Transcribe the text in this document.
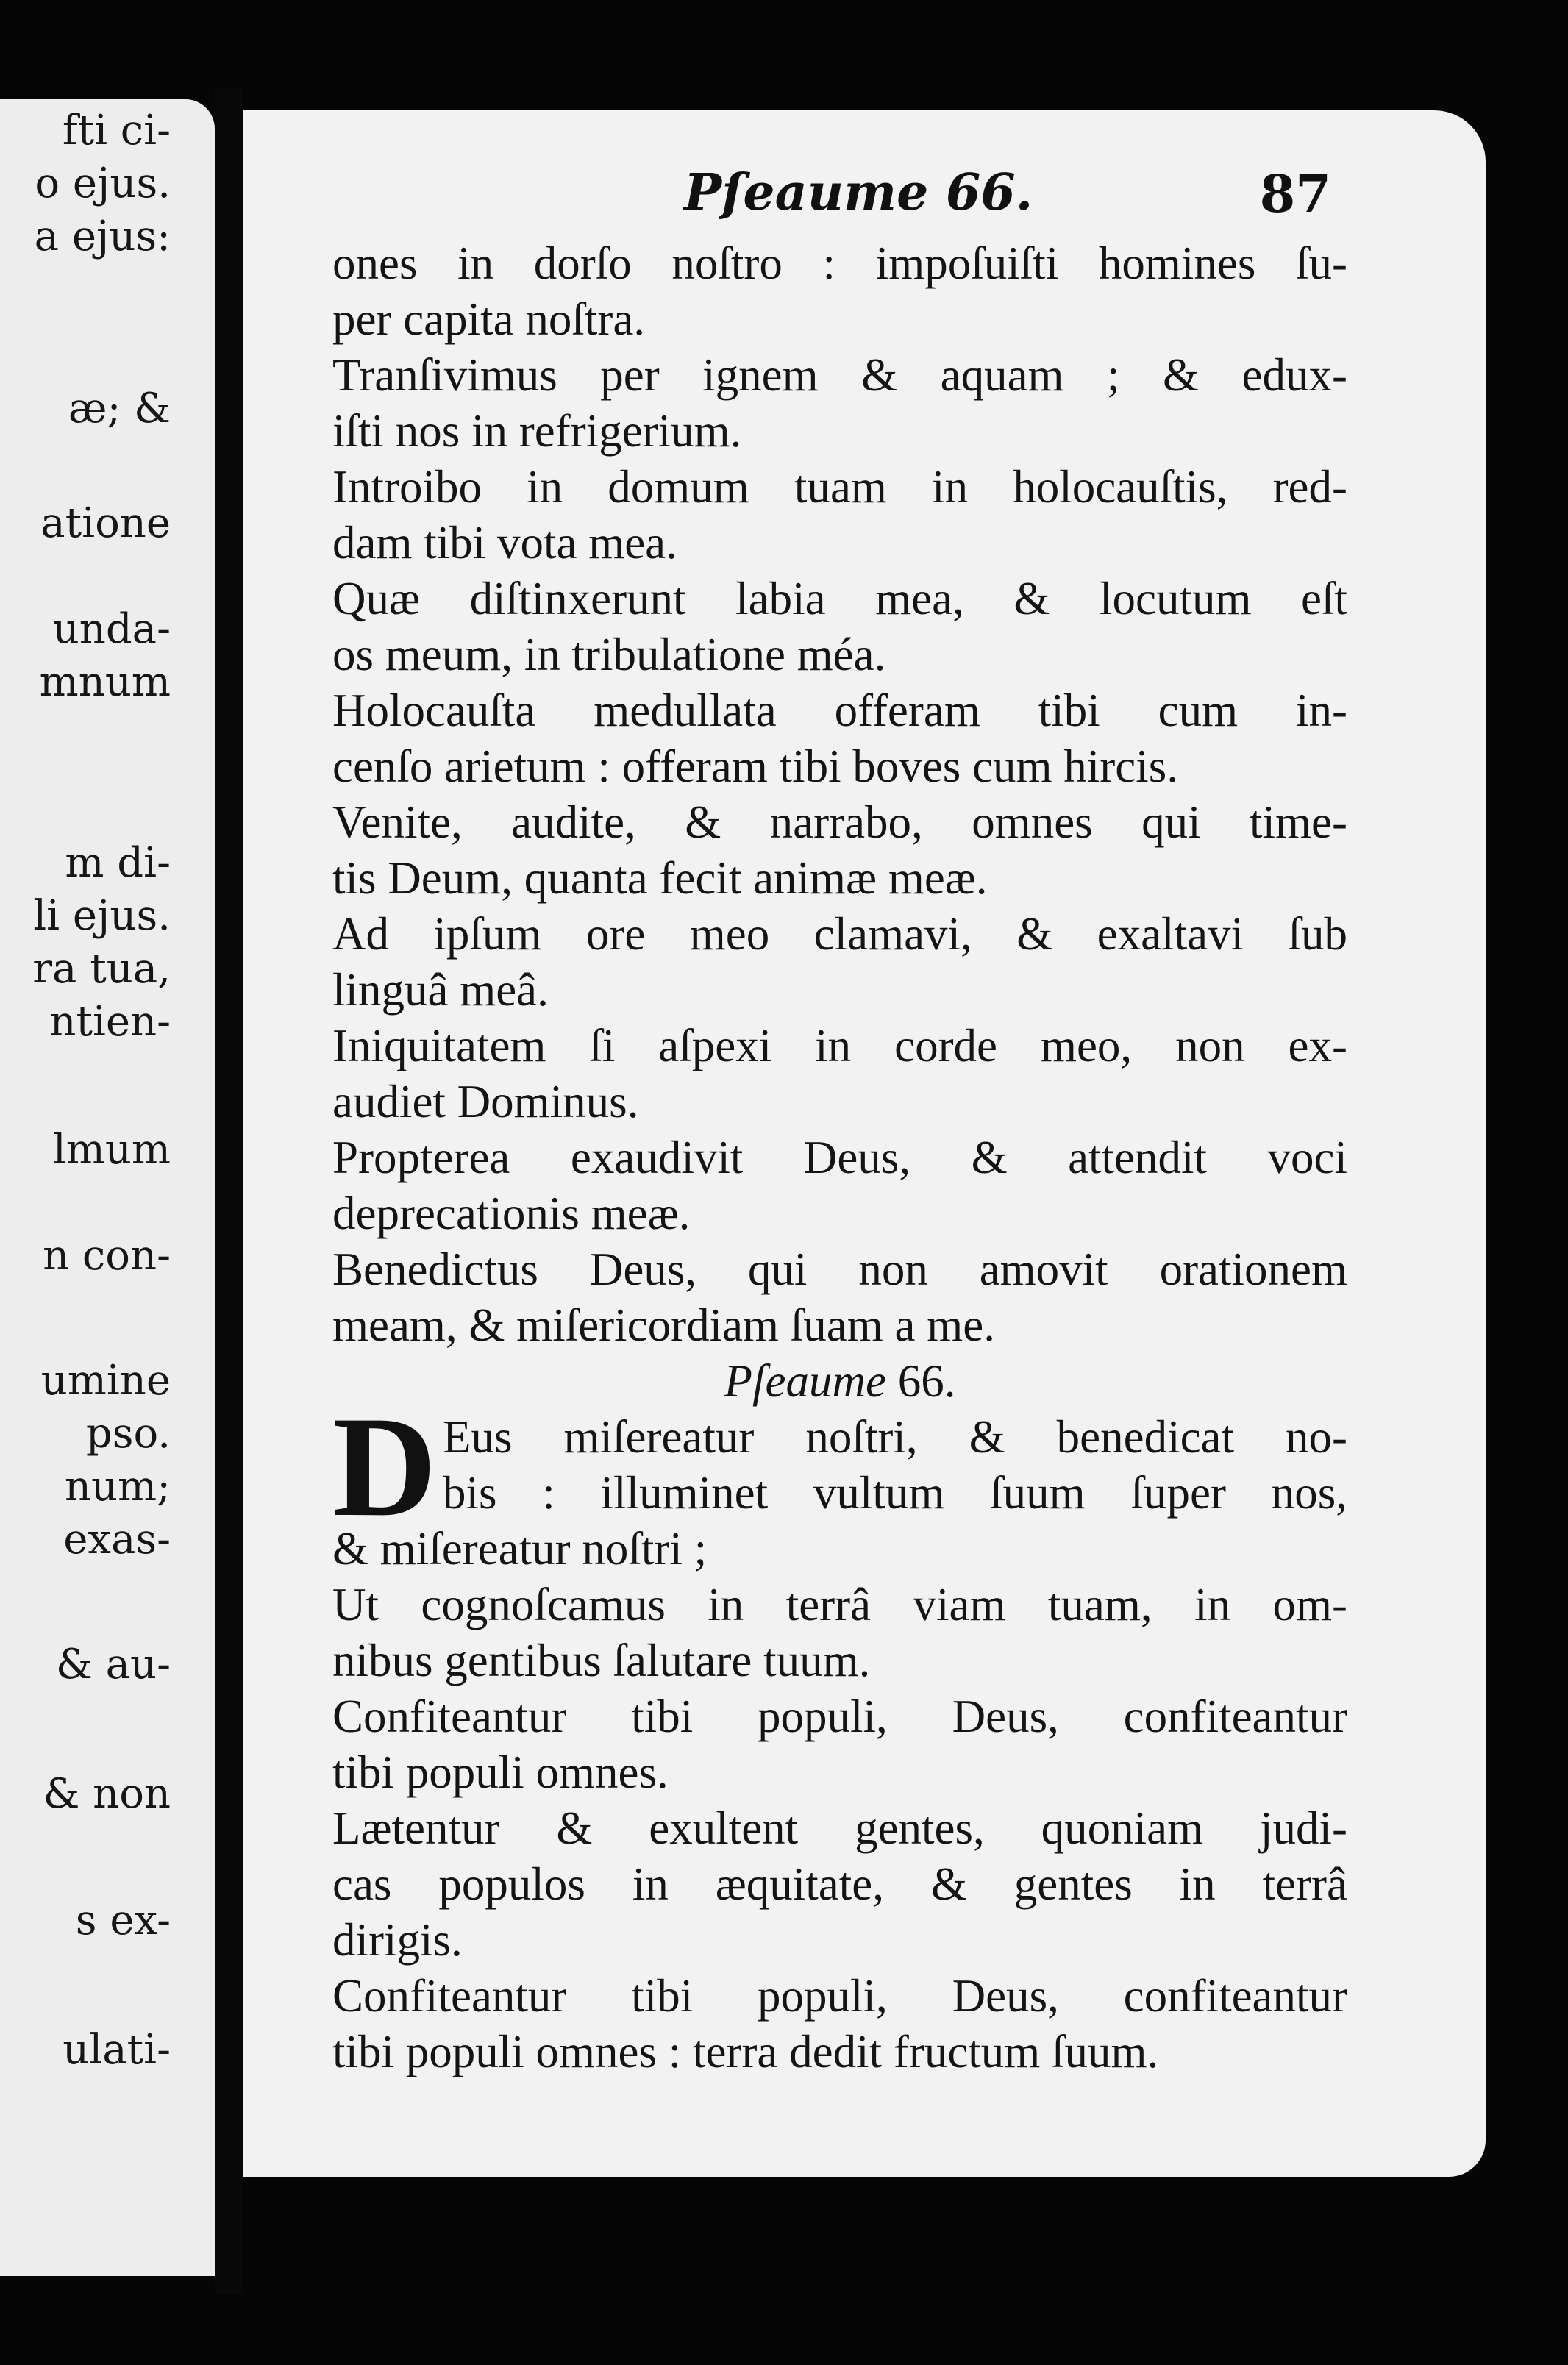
fti ci-
o ejus.
a ejus:
æ; &
atione
unda-
mnum
m di-
li ejus.
ra tua,
ntien-
lmum
n con-
umine
pso.
num;
exas-
& au-
& non
s ex-
ulati-
Pſeaume 66.	87
ones in dorſo noſtro : impoſuiſti homines ſu-
per capita noſtra.
Tranſivimus per ignem & aquam ; & edux-
iſti nos in refrigerium.
Introibo in domum tuam in holocauſtis, red-
dam tibi vota mea.
Quæ diſtinxerunt labia mea, & locutum eſt
os meum, in tribulatione méa.
Holocauſta medullata offeram tibi cum in-
cenſo arietum : offeram tibi boves cum hircis.
Venite, audite, & narrabo, omnes qui time-
tis Deum, quanta fecit animæ meæ.
Ad ipſum ore meo clamavi, & exaltavi ſub
linguâ meâ.
Iniquitatem ſi aſpexi in corde meo, non ex-
audiet Dominus.
Propterea exaudivit Deus, & attendit voci
deprecationis meæ.
Benedictus Deus, qui non amovit orationem
meam, & miſericordiam ſuam a me.
Pſeaume 66.
D Eus miſereatur noſtri, & benedicat no-
bis : illuminet vultum ſuum ſuper nos,
& miſereatur noſtri ;
Ut cognoſcamus in terrâ viam tuam, in om-
nibus gentibus ſalutare tuum.
Confiteantur tibi populi, Deus, confiteantur
tibi populi omnes.
Lætentur & exultent gentes, quoniam judi-
cas populos in æquitate, & gentes in terrâ
dirigis.
Confiteantur tibi populi, Deus, confiteantur
tibi populi omnes : terra dedit fructum ſuum.
